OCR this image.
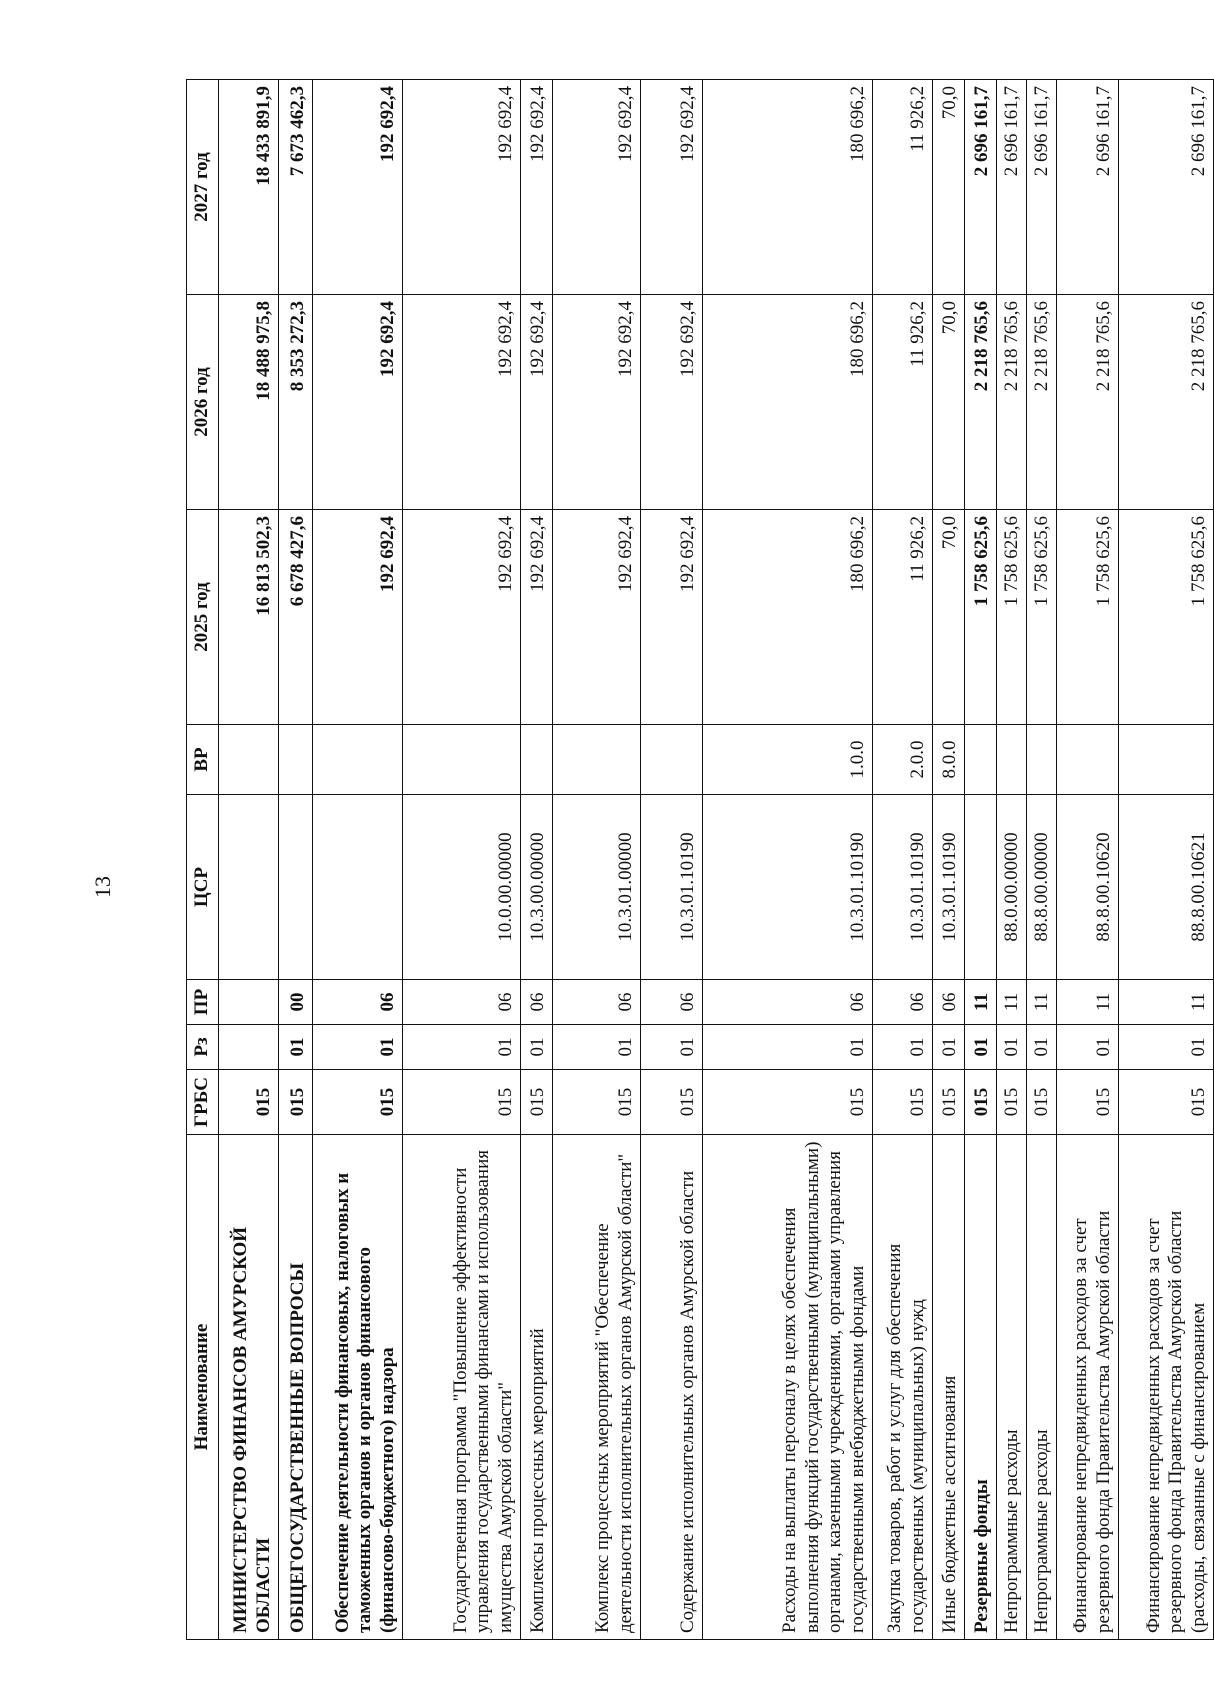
13
Наименование	ГРБС	Рз	ПР	ЦСР	ВР	2025 год	2026 год	2027 год
МИНИСТЕРСТВО ФИНАНСОВ АМУРСКОЙ ОБЛАСТИ	015					16 813 502,3	18 488 975,8	18 433 891,9
ОБЩЕГОСУДАРСТВЕННЫЕ ВОПРОСЫ	015	01	00			6 678 427,6	8 353 272,3	7 673 462,3
Обеспечение деятельности финансовых, налоговых и таможенных органов и органов финансового (финансово-бюджетного) надзора	015	01	06			192 692,4	192 692,4	192 692,4
Государственная программа "Повышение эффективности управления государственными финансами и использования имущества Амурской области"	015	01	06	10.0.00.00000		192 692,4	192 692,4	192 692,4
Комплексы процессных мероприятий	015	01	06	10.3.00.00000		192 692,4	192 692,4	192 692,4
Комплекс процессных мероприятий "Обеспечение деятельности исполнительных органов Амурской области"	015	01	06	10.3.01.00000		192 692,4	192 692,4	192 692,4
Содержание исполнительных органов Амурской области	015	01	06	10.3.01.10190		192 692,4	192 692,4	192 692,4
Расходы на выплаты персоналу в целях обеспечения выполнения функций государственными (муниципальными) органами, казенными учреждениями, органами управления государственными внебюджетными фондами	015	01	06	10.3.01.10190	1.0.0	180 696,2	180 696,2	180 696,2
Закупка товаров, работ и услуг для обеспечения государственных (муниципальных) нужд	015	01	06	10.3.01.10190	2.0.0	11 926,2	11 926,2	11 926,2
Иные бюджетные ассигнования	015	01	06	10.3.01.10190	8.0.0	70,0	70,0	70,0
Резервные фонды	015	01	11			1 758 625,6	2 218 765,6	2 696 161,7
Непрограммные расходы	015	01	11	88.0.00.00000		1 758 625,6	2 218 765,6	2 696 161,7
Непрограммные расходы	015	01	11	88.8.00.00000		1 758 625,6	2 218 765,6	2 696 161,7
Финансирование непредвиденных расходов за счет резервного фонда Правительства Амурской области	015	01	11	88.8.00.10620		1 758 625,6	2 218 765,6	2 696 161,7
Финансирование непредвиденных расходов за счет резервного фонда Правительства Амурской области (расходы, связанные с финансированием	015	01	11	88.8.00.10621		1 758 625,6	2 218 765,6	2 696 161,7
